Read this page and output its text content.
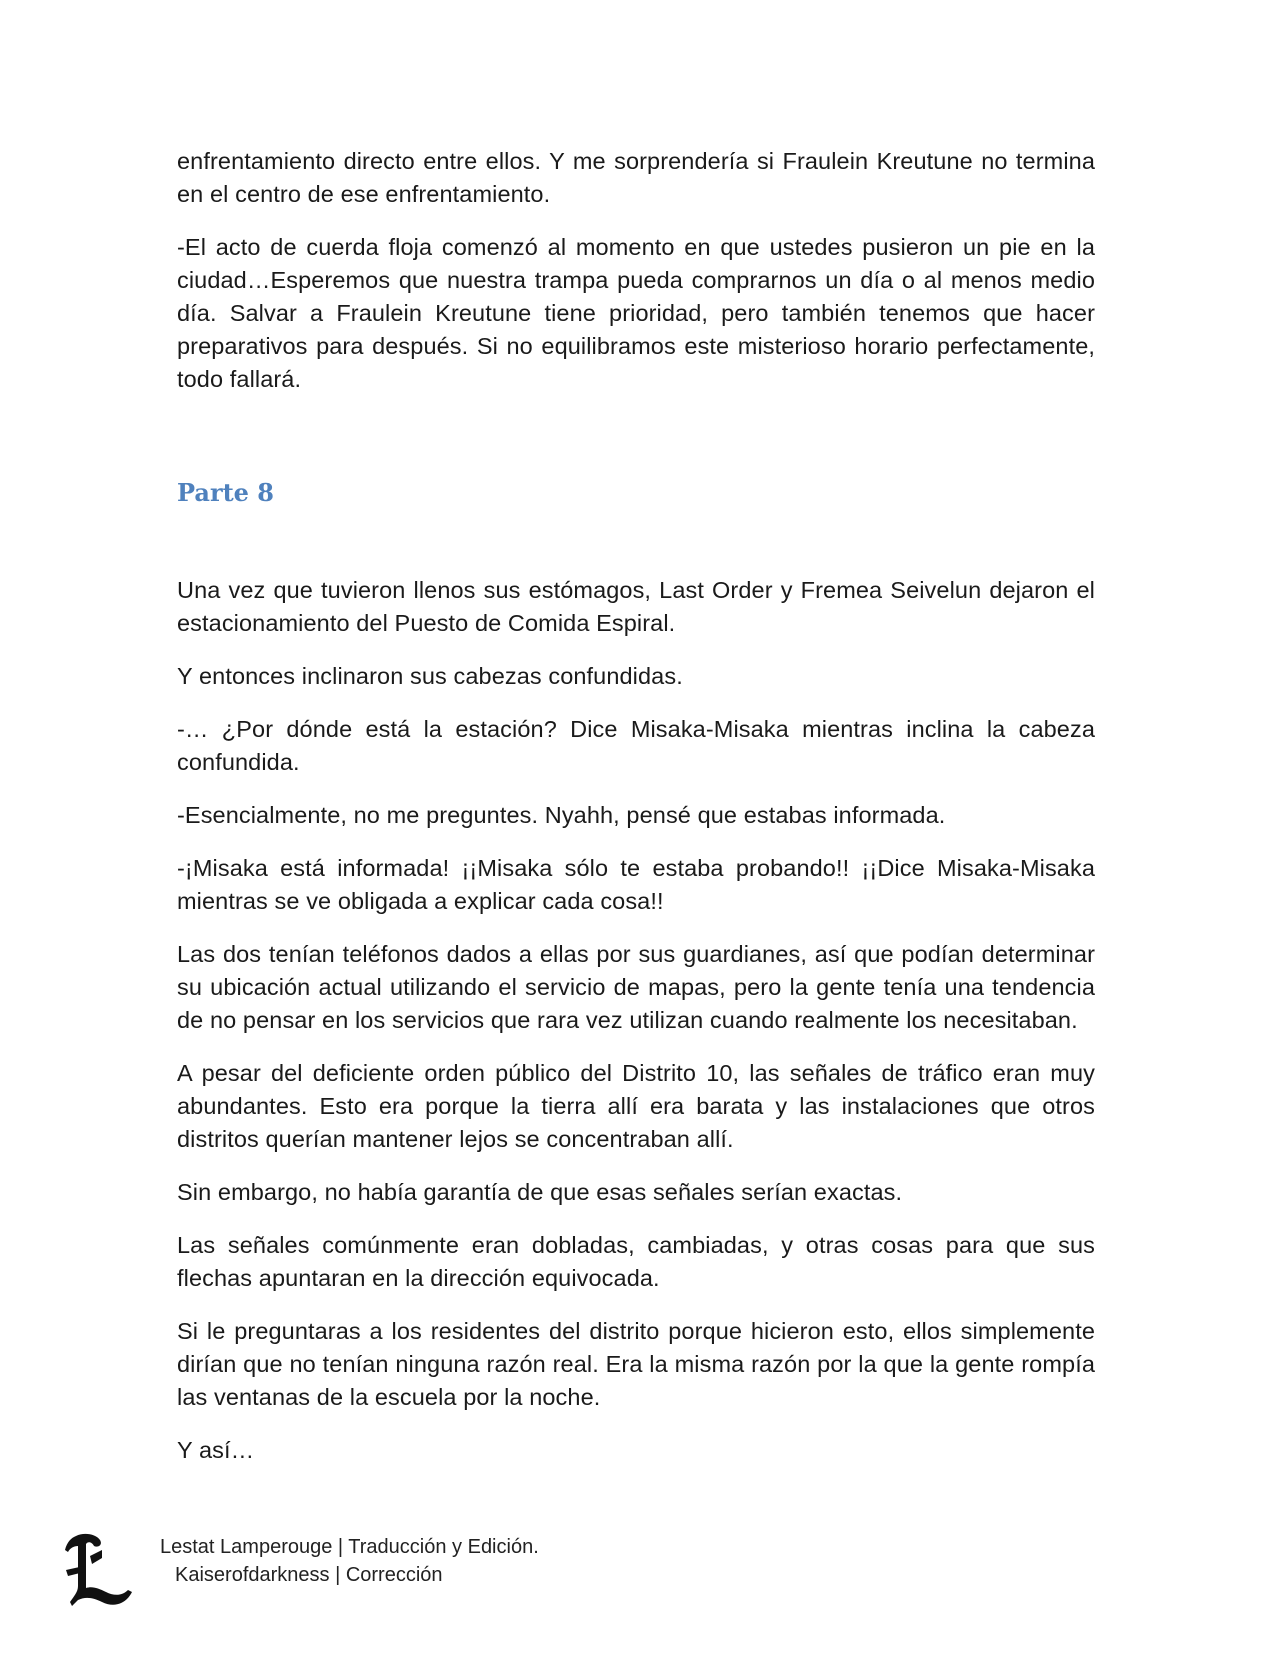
enfrentamiento directo entre ellos. Y me sorprendería si Fraulein Kreutune no termina en el centro de ese enfrentamiento.

-El acto de cuerda floja comenzó al momento en que ustedes pusieron un pie en la ciudad…Esperemos que nuestra trampa pueda comprarnos un día o al menos medio día. Salvar a Fraulein Kreutune tiene prioridad, pero también tenemos que hacer preparativos para después. Si no equilibramos este misterioso horario perfectamente, todo fallará.

Parte 8

Una vez que tuvieron llenos sus estómagos, Last Order y Fremea Seivelun dejaron el estacionamiento del Puesto de Comida Espiral.

Y entonces inclinaron sus cabezas confundidas.

-… ¿Por dónde está la estación? Dice Misaka-Misaka mientras inclina la cabeza confundida.

-Esencialmente, no me preguntes. Nyahh, pensé que estabas informada.

-¡Misaka está informada! ¡¡Misaka sólo te estaba probando!! ¡¡Dice Misaka-Misaka mientras se ve obligada a explicar cada cosa!!

Las dos tenían teléfonos dados a ellas por sus guardianes, así que podían determinar su ubicación actual utilizando el servicio de mapas, pero la gente tenía una tendencia de no pensar en los servicios que rara vez utilizan cuando realmente los necesitaban.

A pesar del deficiente orden público del Distrito 10, las señales de tráfico eran muy abundantes. Esto era porque la tierra allí era barata y las instalaciones que otros distritos querían mantener lejos se concentraban allí.

Sin embargo, no había garantía de que esas señales serían exactas.

Las señales comúnmente eran dobladas, cambiadas, y otras cosas para que sus flechas apuntaran en la dirección equivocada.

Si le preguntaras a los residentes del distrito porque hicieron esto, ellos simplemente dirían que no tenían ninguna razón real. Era la misma razón por la que la gente rompía las ventanas de la escuela por la noche.

Y así…

Lestat Lamperouge | Traducción y Edición.
Kaiserofdarkness | Corrección
